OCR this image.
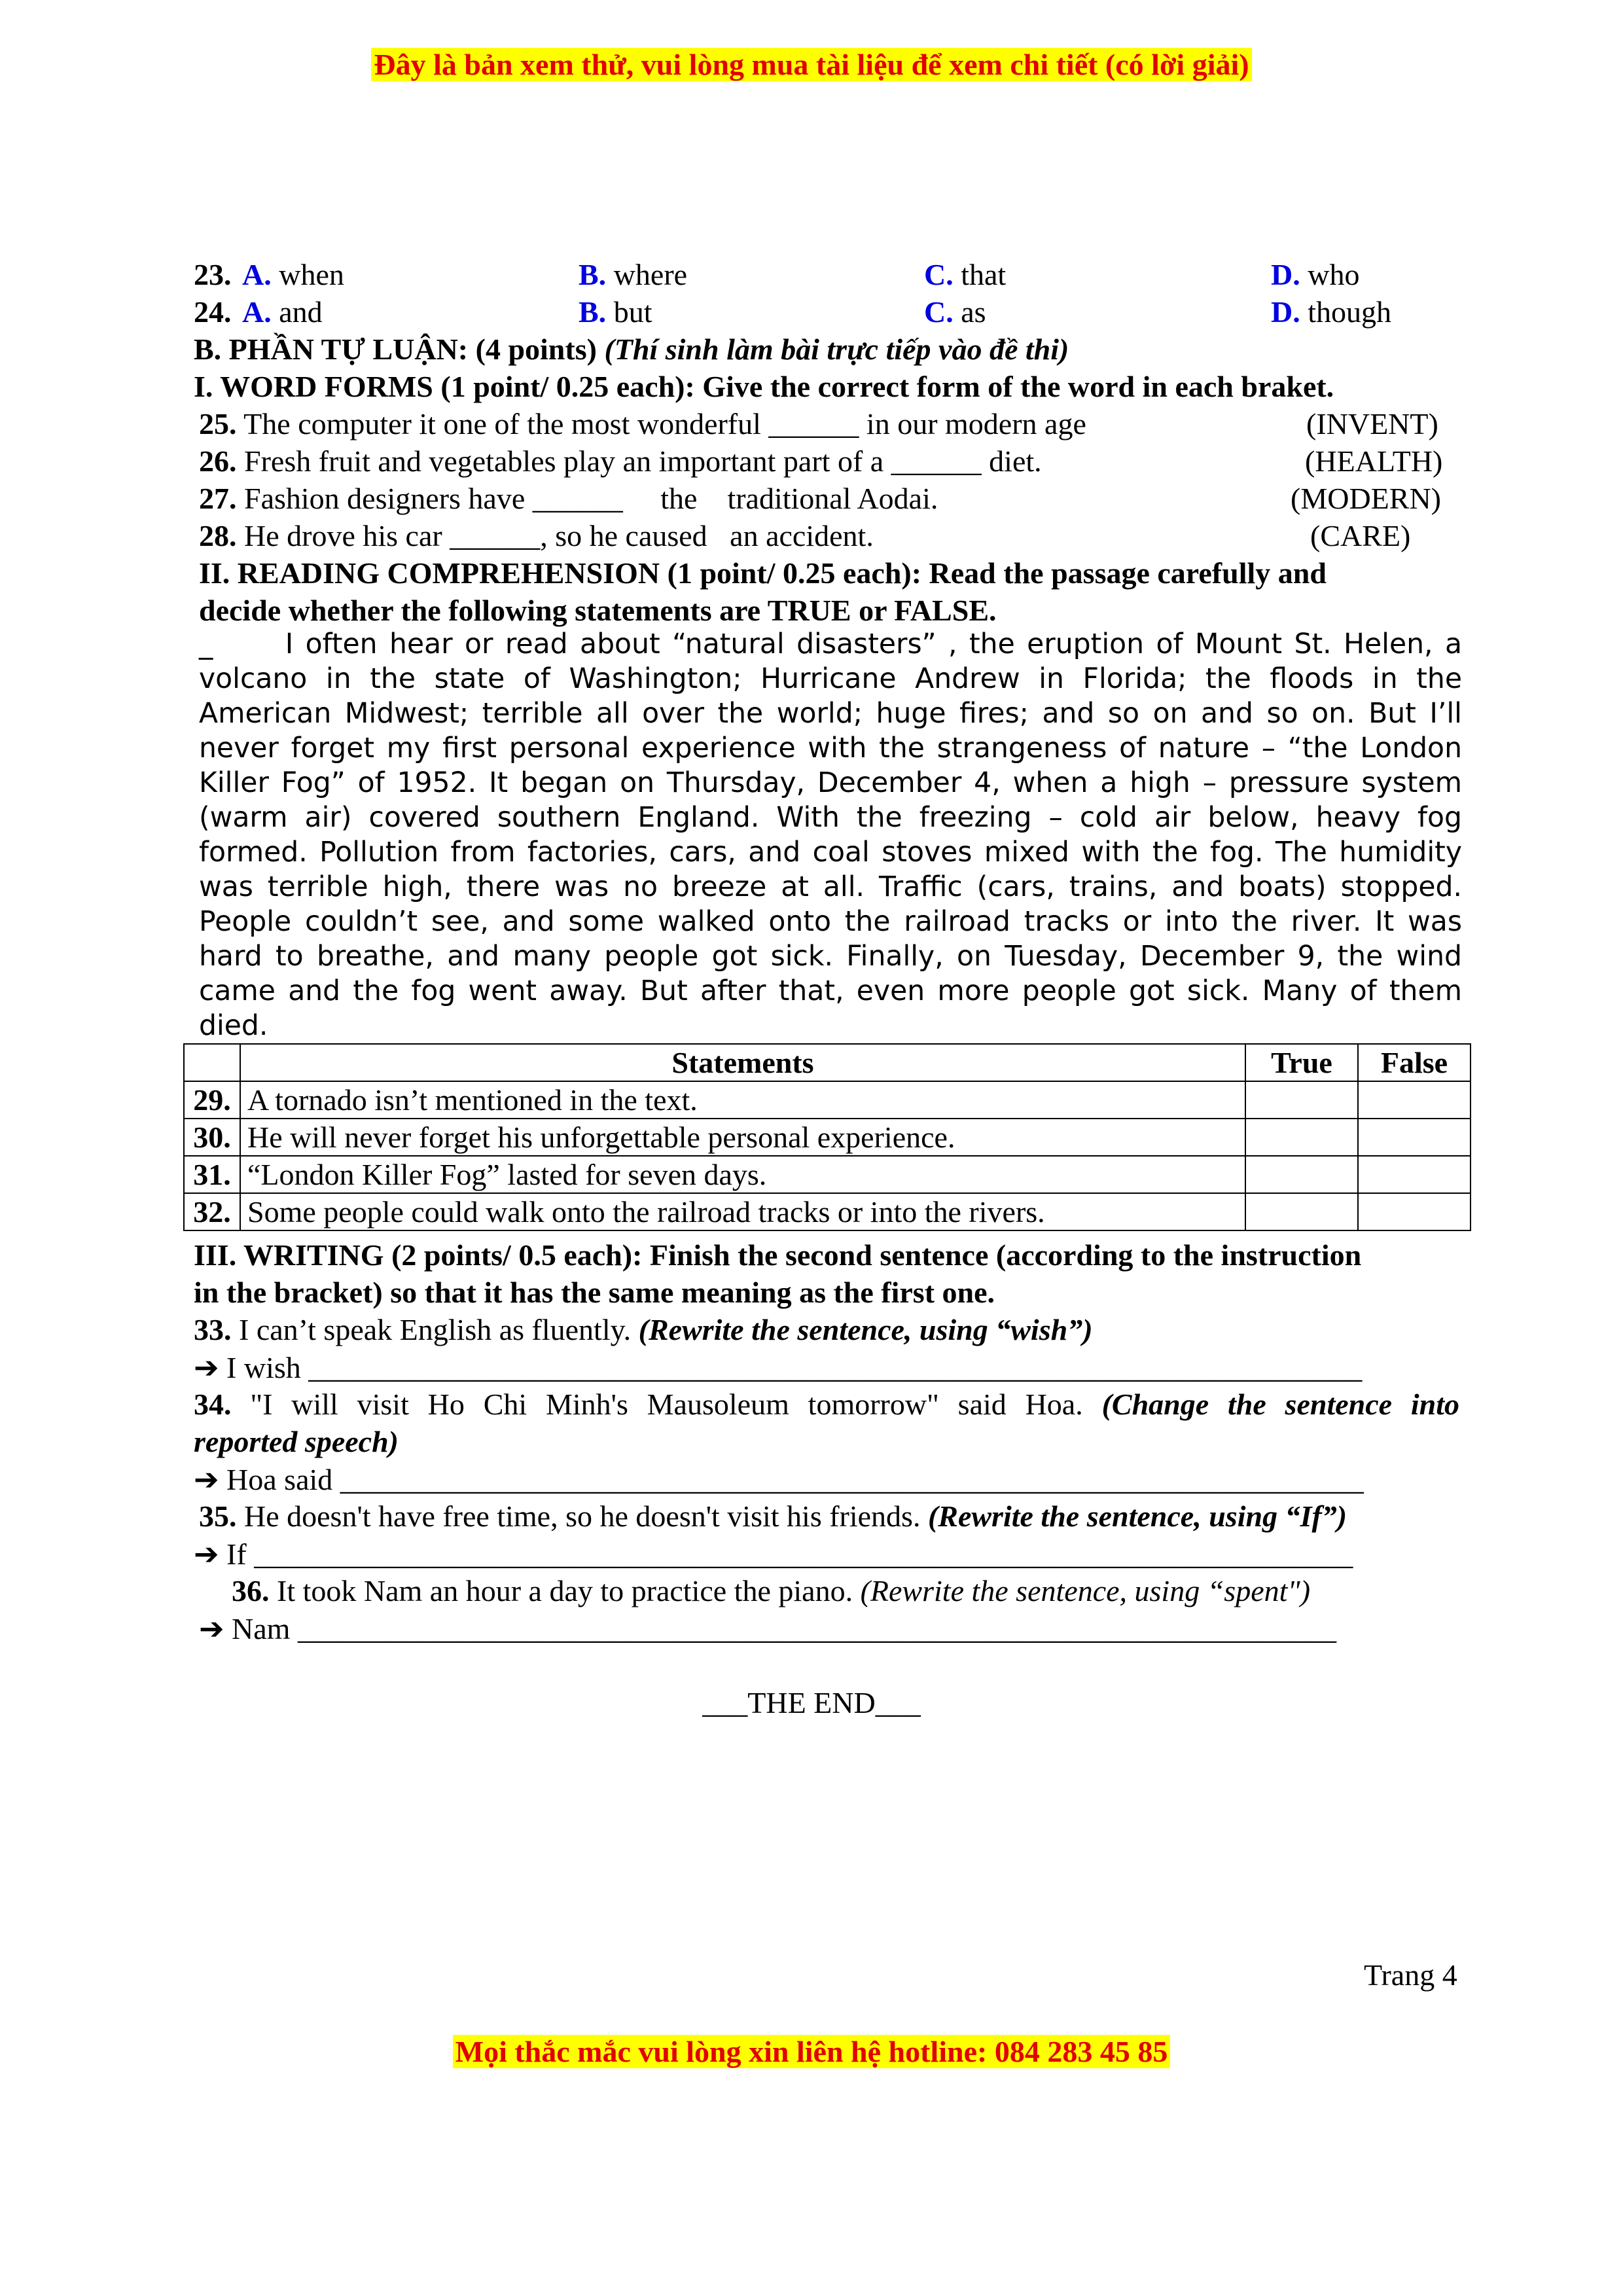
Đây là bản xem thử, vui lòng mua tài liệu để xem chi tiết (có lời giải)
23. A. when	B. where	C. that	D. who
24. A. and	B. but	C. as	D. though
B. PHẦN TỰ LUẬN: (4 points) (Thí sinh làm bài trực tiếp vào đề thi)
I. WORD FORMS (1 point/ 0.25 each): Give the correct form of the word in each braket.
25. The computer it one of the most wonderful ______ in our modern age	(INVENT)
26. Fresh fruit and vegetables play an important part of a ______ diet.	(HEALTH)
27. Fashion designers have ______     the    traditional Aodai.	(MODERN)
28. He drove his car ______, so he caused   an accident.	(CARE)
II. READING COMPREHENSION (1 point/ 0.25 each): Read the passage carefully and
decide whether the following statements are TRUE or FALSE.

_      I often hear or read about “natural disasters” , the eruption of Mount St. Helen, a volcano in the state of Washington; Hurricane Andrew in Florida; the floods in the American Midwest; terrible all over the world; huge fires; and so on and so on. But I’ll never forget my first personal experience with the strangeness of nature – “the London Killer Fog” of 1952. It began on Thursday, December 4, when a high – pressure system (warm air) covered southern England. With the freezing – cold air below, heavy fog formed. Pollution from factories, cars, and coal stoves mixed with the fog. The humidity was terrible high, there was no breeze at all. Traffic (cars, trains, and boats) stopped. People couldn’t see, and some walked onto the railroad tracks or into the river. It was hard to breathe, and many people got sick. Finally, on Tuesday, December 9, the wind came and the fog went away. But after that, even more people got sick. Many of them died.

	Statements	True	False
29.	A tornado isn’t mentioned in the text.		
30.	He will never forget his unforgettable personal experience.		
31.	“London Killer Fog” lasted for seven days.		
32.	Some people could walk onto the railroad tracks or into the rivers.		
III. WRITING (2 points/ 0.5 each): Finish the second sentence (according to the instruction
in the bracket) so that it has the same meaning as the first one.
33. I can’t speak English as fluently. (Rewrite the sentence, using “wish”)
➔ I wish ______________________________________________________________________
34. "I will visit Ho Chi Minh's Mausoleum tomorrow" said Hoa. (Change the sentence into
reported speech)
➔ Hoa said ____________________________________________________________________
35. He doesn't have free time, so he doesn't visit his friends. (Rewrite the sentence, using “If”)
➔ If _________________________________________________________________________
36. It took Nam an hour a day to practice the piano. (Rewrite the sentence, using “spent")
➔ Nam _____________________________________________________________________
___THE END___
Trang 4
Mọi thắc mắc vui lòng xin liên hệ hotline: 084 283 45 85
